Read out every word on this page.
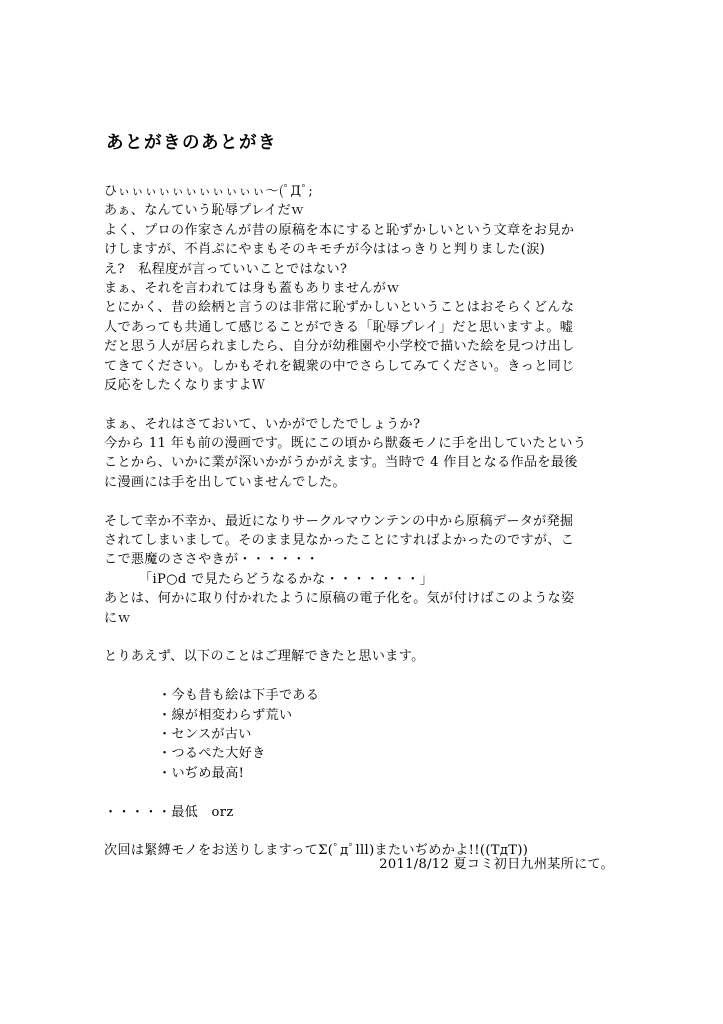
あとがきのあとがき
ひぃぃぃぃぃぃぃぃぃぃぃ〜(ﾟДﾟ;
あぁ、なんていう恥辱プレイだｗ
よく、プロの作家さんが昔の原稿を本にすると恥ずかしいという文章をお見か
けしますが、不肖ぷにやまもそのキモチが今ははっきりと判りました(涙)
え?　私程度が言っていいことではない?
まぁ、それを言われては身も蓋もありませんがｗ
とにかく、昔の絵柄と言うのは非常に恥ずかしいということはおそらくどんな
人であっても共通して感じることができる「恥辱プレイ」だと思いますよ。嘘
だと思う人が居られましたら、自分が幼稚園や小学校で描いた絵を見つけ出し
てきてください。しかもそれを観衆の中でさらしてみてください。きっと同じ
反応をしたくなりますよＷ
まぁ、それはさておいて、いかがでしたでしょうか?
今から 11 年も前の漫画です。既にこの頃から獣姦モノに手を出していたという
ことから、いかに業が深いかがうかがえます。当時で 4 作目となる作品を最後
に漫画には手を出していませんでした。
そして幸か不幸か、最近になりサークルマウンテンの中から原稿データが発掘
されてしまいまして。そのまま見なかったことにすればよかったのですが、こ
こで悪魔のささやきが・・・・・・
「iP○d で見たらどうなるかな・・・・・・・」
あとは、何かに取り付かれたように原稿の電子化を。気が付けばこのような姿
にｗ
とりあえず、以下のことはご理解できたと思います。
・今も昔も絵は下手である
・線が相変わらず荒い
・センスが古い
・つるぺた大好き
・いぢめ最高!
・・・・・最低　orz
次回は緊縛モノをお送りしますってΣ(ﾟдﾟlll)またいぢめかよ!!((TдT))
2011/8/12 夏コミ初日九州某所にて。
